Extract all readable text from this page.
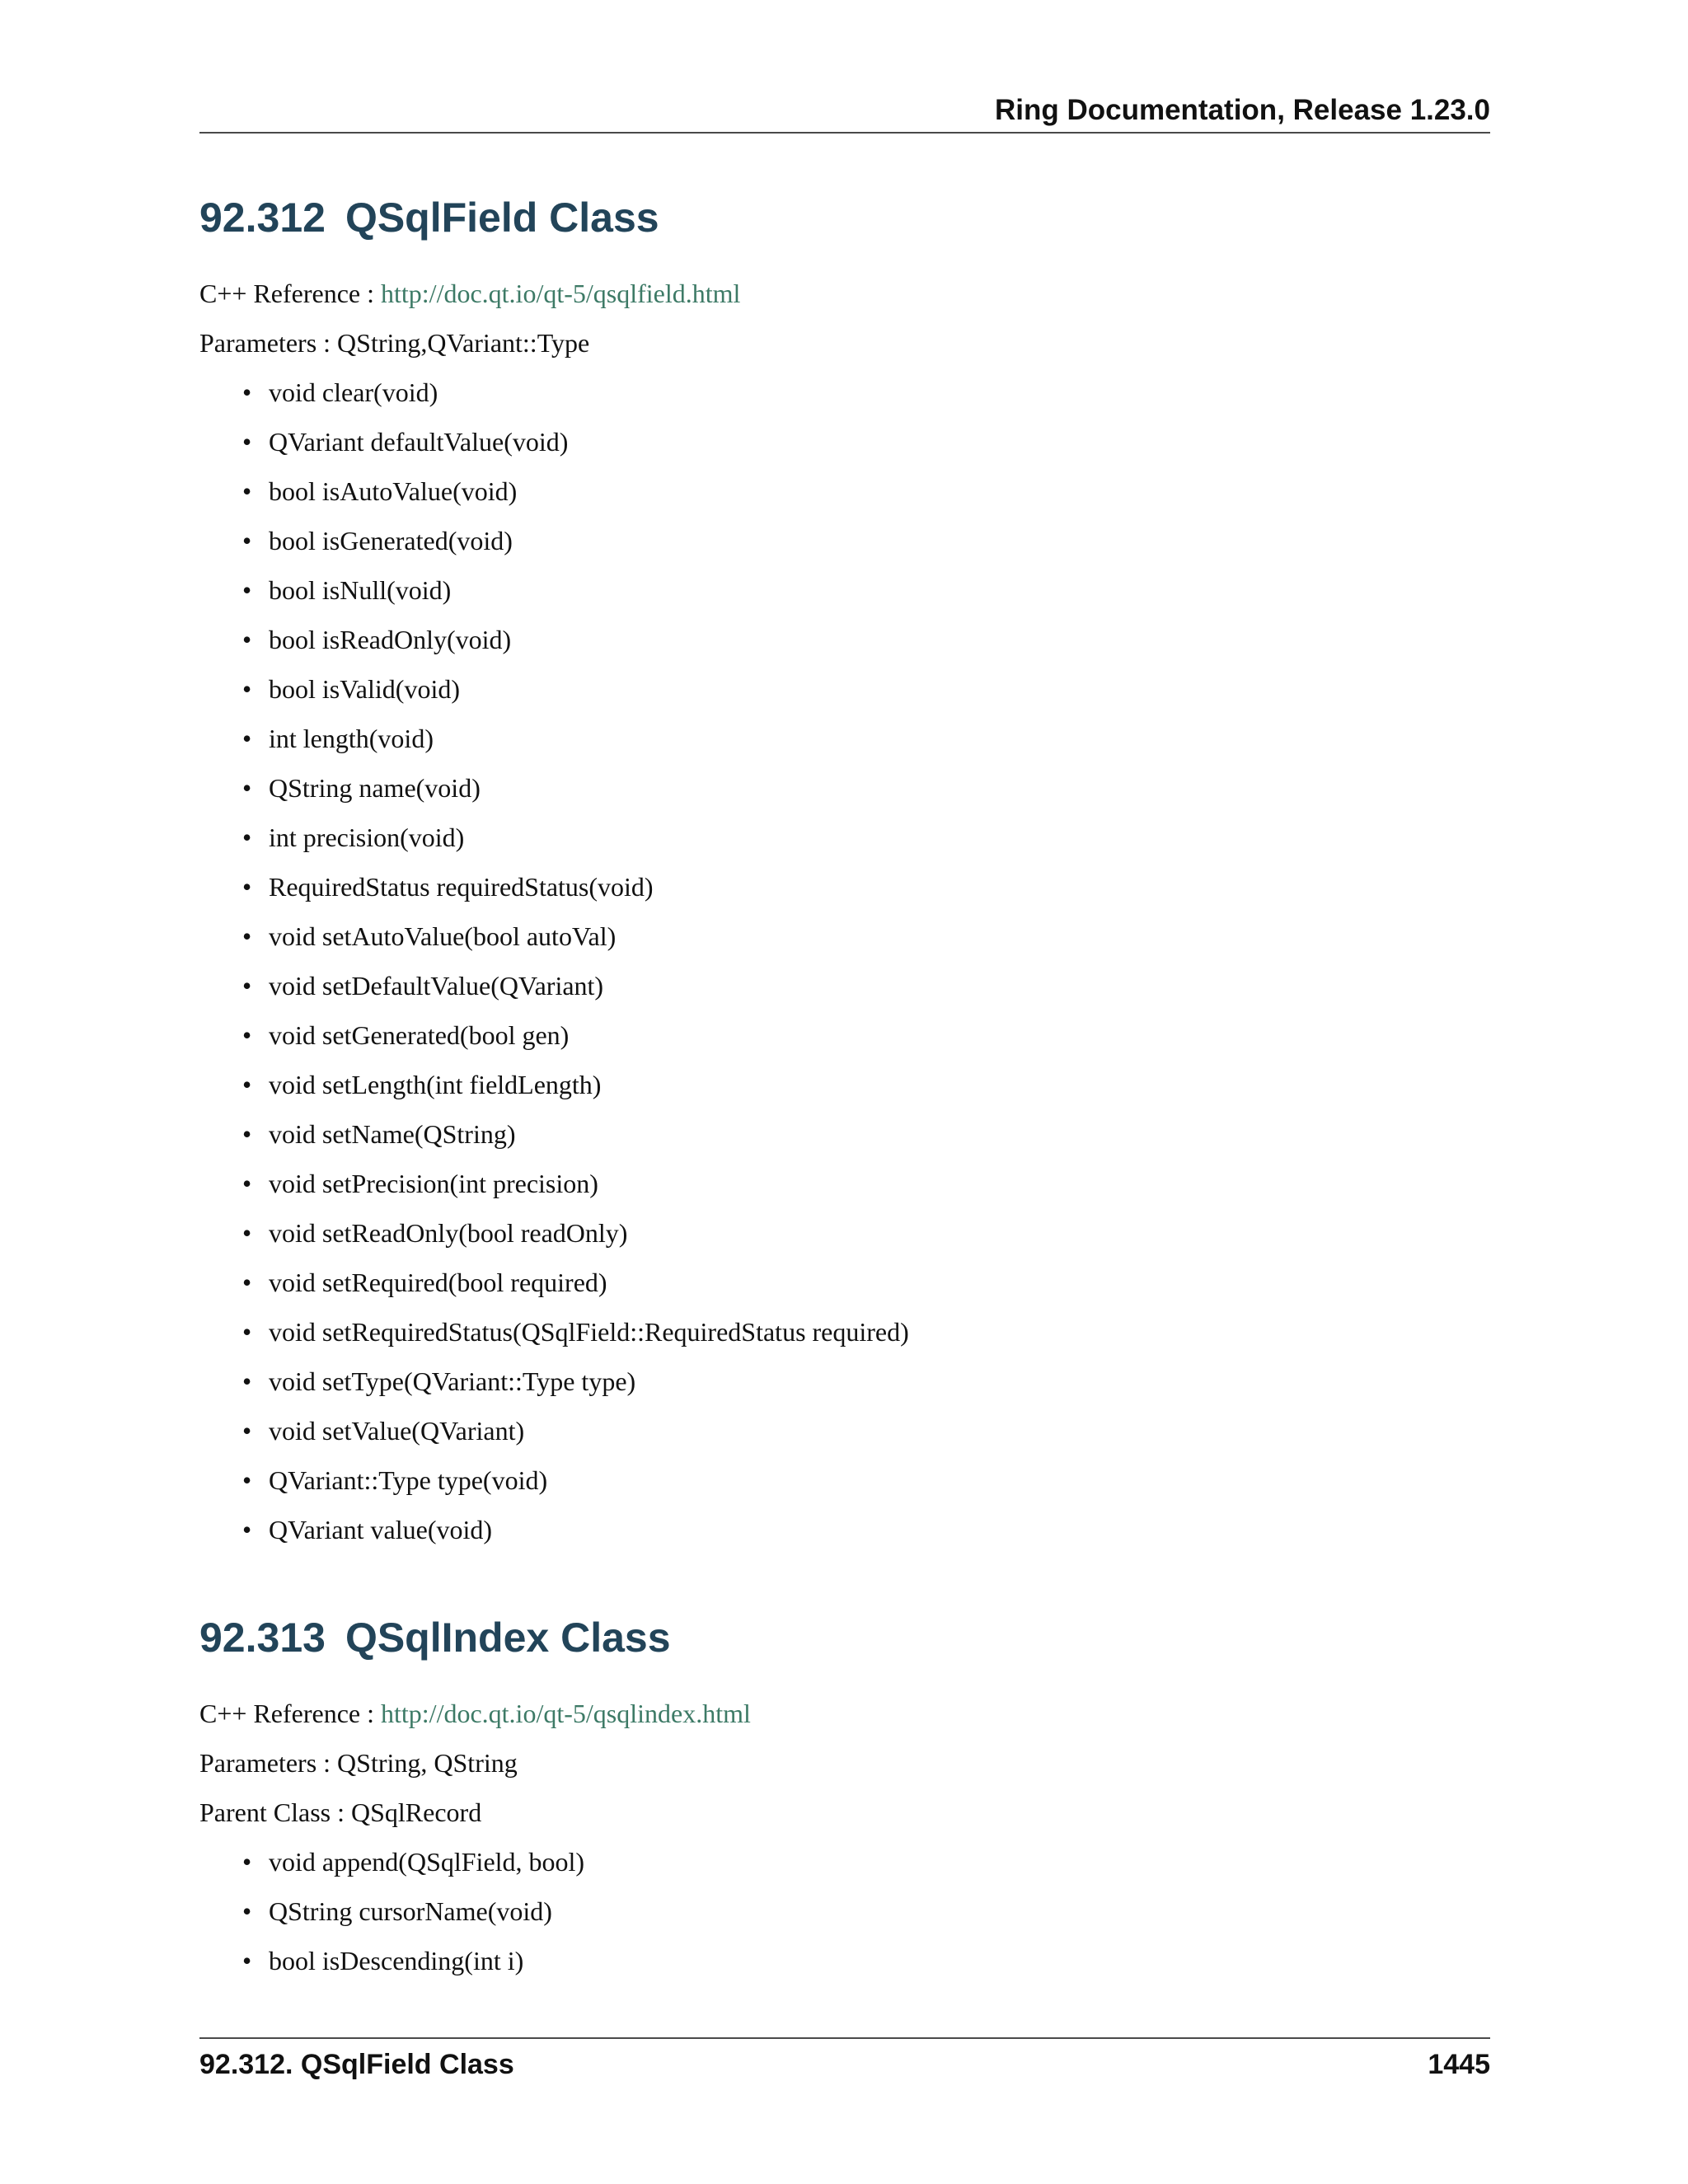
Ring Documentation, Release 1.23.0
92.312 QSqlField Class

C++ Reference : http://doc.qt.io/qt-5/qsqlfield.html

Parameters : QString,QVariant::Type

• void clear(void)
• QVariant defaultValue(void)
• bool isAutoValue(void)
• bool isGenerated(void)
• bool isNull(void)
• bool isReadOnly(void)
• bool isValid(void)
• int length(void)
• QString name(void)
• int precision(void)
• RequiredStatus requiredStatus(void)
• void setAutoValue(bool autoVal)
• void setDefaultValue(QVariant)
• void setGenerated(bool gen)
• void setLength(int fieldLength)
• void setName(QString)
• void setPrecision(int precision)
• void setReadOnly(bool readOnly)
• void setRequired(bool required)
• void setRequiredStatus(QSqlField::RequiredStatus required)
• void setType(QVariant::Type type)
• void setValue(QVariant)
• QVariant::Type type(void)
• QVariant value(void)
92.313 QSqlIndex Class

C++ Reference : http://doc.qt.io/qt-5/qsqlindex.html

Parameters : QString, QString

Parent Class : QSqlRecord

• void append(QSqlField, bool)
• QString cursorName(void)
• bool isDescending(int i)
92.312. QSqlField Class	1445
